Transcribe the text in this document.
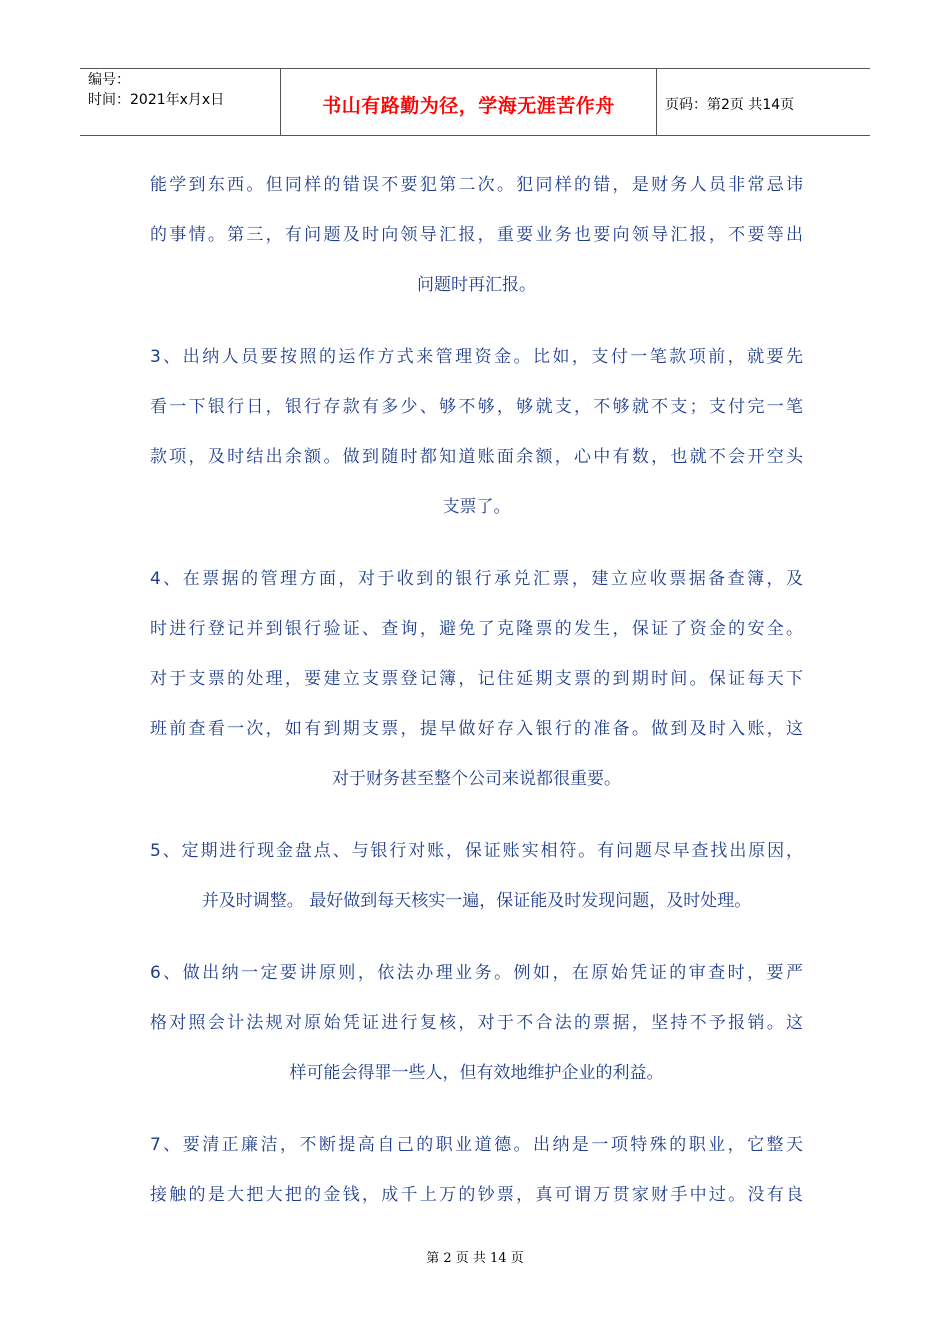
编号：
时间：2021年x月x日	书山有路勤为径，学海无涯苦作舟	页码：第2页 共14页
能学到东西。但同样的错误不要犯第二次。犯同样的错，是财务人员非常忌讳
的事情。第三，有问题及时向领导汇报，重要业务也要向领导汇报，不要等出
问题时再汇报。
3、出纳人员要按照的运作方式来管理资金。比如，支付一笔款项前，就要先
看一下银行日，银行存款有多少、够不够，够就支，不够就不支；支付完一笔
款项，及时结出余额。做到随时都知道账面余额，心中有数，也就不会开空头
支票了。
4、在票据的管理方面，对于收到的银行承兑汇票，建立应收票据备查簿，及
时进行登记并到银行验证、查询，避免了克隆票的发生，保证了资金的安全。
对于支票的处理，要建立支票登记簿，记住延期支票的到期时间。保证每天下
班前查看一次，如有到期支票，提早做好存入银行的准备。做到及时入账，这
对于财务甚至整个公司来说都很重要。
5、定期进行现金盘点、与银行对账，保证账实相符。有问题尽早查找出原因，
并及时调整。 最好做到每天核实一遍，保证能及时发现问题，及时处理。
6、做出纳一定要讲原则，依法办理业务。例如，在原始凭证的审查时，要严
格对照会计法规对原始凭证进行复核，对于不合法的票据，坚持不予报销。这
样可能会得罪一些人，但有效地维护企业的利益。
7、要清正廉洁，不断提高自己的职业道德。出纳是一项特殊的职业，它整天
接触的是大把大把的金钱，成千上万的钞票，真可谓万贯家财手中过。没有良
第 2 页 共 14 页
